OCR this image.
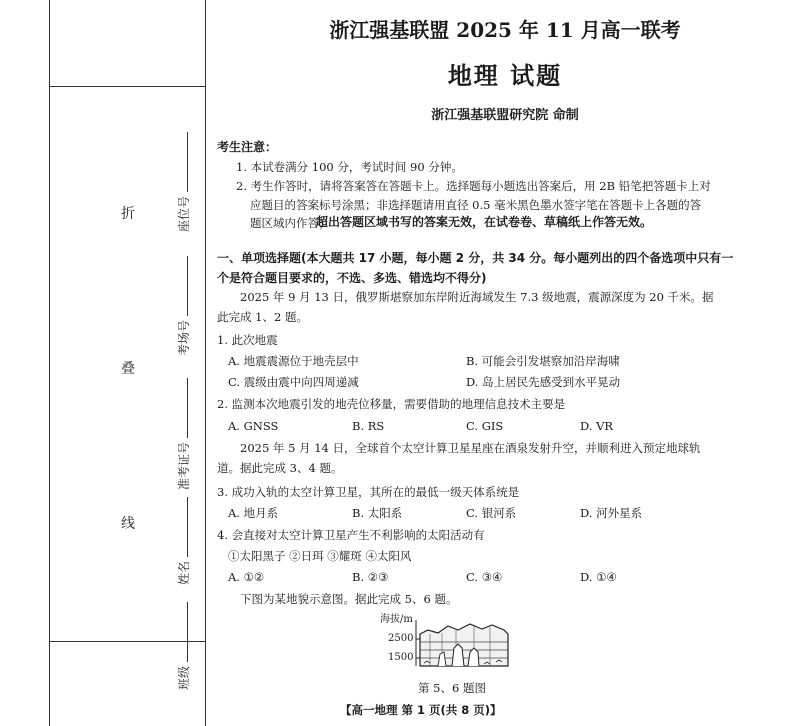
折
叠
线
座位号
考场号
准考证号
姓名
班级
浙江强基联盟 2025 年 11 月高一联考
地理 试题
浙江强基联盟研究院 命制
考生注意：
1. 本试卷满分 100 分，考试时间 90 分钟。
2. 考生作答时，请将答案答在答题卡上。选择题每小题选出答案后，用 2B 铅笔把答题卡上对
应题目的答案标号涂黑；非选择题请用直径 0.5 毫米黑色墨水签字笔在答题卡上各题的答
题区域内作答，
超出答题区域书写的答案无效，在试卷卷、草稿纸上作答无效。
一、单项选择题(本大题共 17 小题，每小题 2 分，共 34 分。每小题列出的四个备选项中只有一
个是符合题目要求的，不选、多选、错选均不得分)
2025 年 9 月 13 日，俄罗斯堪察加东岸附近海域发生 7.3 级地震，震源深度为 20 千米。据
此完成 1、2 题。
1. 此次地震
A. 地震震源位于地壳层中	B. 可能会引发堪察加沿岸海啸
C. 震级由震中向四周递减	D. 岛上居民先感受到水平晃动
2. 监测本次地震引发的地壳位移量，需要借助的地理信息技术主要是
A. GNSS	B. RS	C. GIS	D. VR
2025 年 5 月 14 日，全球首个太空计算卫星星座在酒泉发射升空，并顺利进入预定地球轨
道。据此完成 3、4 题。
3. 成功入轨的太空计算卫星，其所在的最低一级天体系统是
A. 地月系	B. 太阳系	C. 银河系	D. 河外星系
4. 会直接对太空计算卫星产生不利影响的太阳活动有
①太阳黑子 ②日珥 ③耀斑 ④太阳风
A. ①②	B. ②③	C. ③④	D. ①④
下图为某地貌示意图。据此完成 5、6 题。
海拔/m
2500
1500
第 5、6 题图
【高一地理 第 1 页(共 8 页)】
